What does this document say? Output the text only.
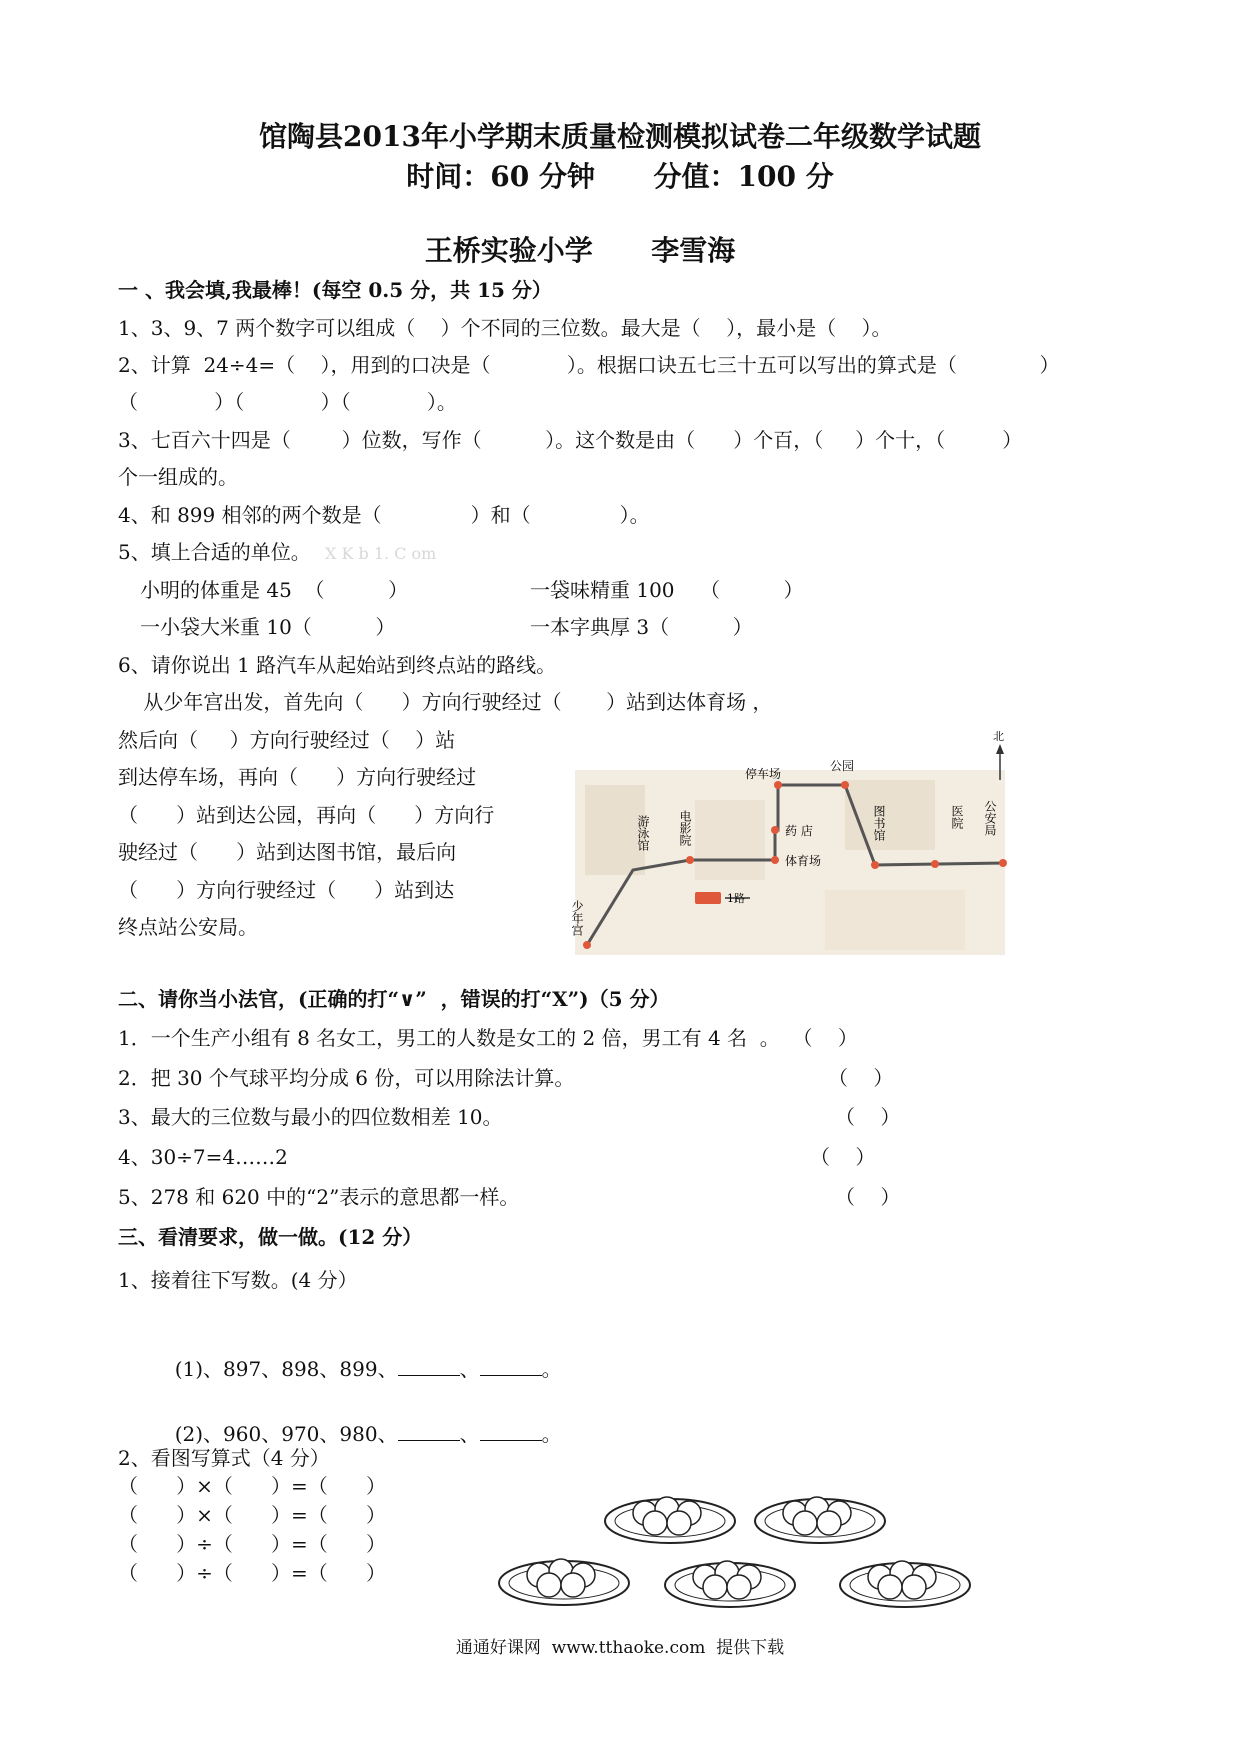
馆陶县2013年小学期末质量检测模拟试卷二年级数学试题
时间：60 分钟      分值：100 分
王桥实验小学      李雪海
一 、我会填,我最棒！(每空 0.5 分，共 15 分）
1、3、9、7 两个数字可以组成（    ）个不同的三位数。最大是（    ），最小是（    ）。
2、计算  24÷4=（    ），用到的口决是（            ）。根据口诀五七三十五可以写出的算式是（             ）
（            ）（            ）（            ）。
3、七百六十四是（        ）位数，写作（          ）。这个数是由（      ）个百，（     ）个十，（         ）
个一组成的。
4、和 899 相邻的两个数是（              ）和（              ）。
5、填上合适的单位。 X K b 1. C om
小明的体重是 45  （          ）	一袋味精重 100    （          ）
一小袋大米重 10（          ）	一本字典厚 3（          ）
6、请你说出 1 路汽车从起始站到终点站的路线。
从少年宫出发，首先向（      ）方向行驶经过（       ）站到达体育场 ，
然后向（     ）方向行驶经过（    ）站
到达停车场，再向（      ）方向行驶经过
（      ）站到达公园，再向（      ）方向行
驶经过（      ）站到达图书馆，最后向
（      ）方向行驶经过（      ）站到达
终点站公安局。
北
1路
少年宫
游泳馆 电影院
停车场
药 店
体育场
公园
图书馆	医院 公安局
二、请你当小法官，(正确的打“∨”  ，错误的打“X”)（5 分）
1．一个生产小组有 8 名女工，男工的人数是女工的 2 倍，男工有 4 名  。  （    ）
2．把 30 个气球平均分成 6 份，可以用除法计算。	（    ）
3、最大的三位数与最小的四位数相差 10。	（    ）
4、30÷7=4……2	（    ）
5、278 和 620 中的“2”表示的意思都一样。	（    ）
三、看清要求，做一做。(12 分）
1、接着往下写数。(4 分）

(1)、897、898、899、	、	。

(2)、960、970、980、	、	。

2、看图写算式（4 分）
（      ）×（      ）=（      ）
（      ）×（      ）=（      ）
（      ）÷（      ）=（      ）
（      ）÷（      ）=（      ）
通通好课网  www.tthaoke.com  提供下载
